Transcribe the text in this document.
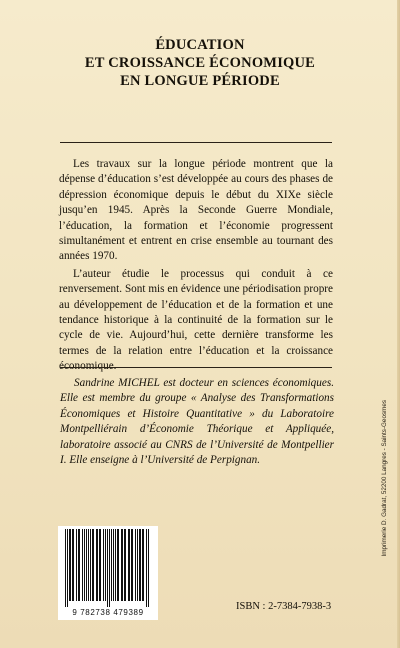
ÉDUCATION
ET CROISSANCE ÉCONOMIQUE
EN LONGUE PÉRIODE

Les travaux sur la longue période montrent que la dépense d’éducation s’est développée au cours des phases de dépression économique depuis le début du XIXe siècle jusqu’en 1945. Après la Seconde Guerre Mondiale, l’éducation, la formation et l’économie progressent simultanément et entrent en crise ensemble au tournant des années 1970.

L’auteur étudie le processus qui conduit à ce renversement. Sont mis en évidence une périodisation propre au développement de l’éducation et de la formation et une tendance historique à la continuité de la formation sur le cycle de vie. Aujourd’hui, cette dernière transforme les termes de la relation entre l’éducation et la croissance économique.

Sandrine MICHEL est docteur en sciences économiques. Elle est membre du groupe « Analyse des Transformations Économiques et Histoire Quantitative » du Laboratoire Montpelliérain d’Économie Théorique et Appliquée, laboratoire associé au CNRS de l’Université de Montpellier I. Elle enseigne à l’Université de Perpignan.	Imprimerie D. Gadrat, 52200 Langres - Saints-Geosmes
9 782738 479389
ISBN : 2-7384-7938-3
